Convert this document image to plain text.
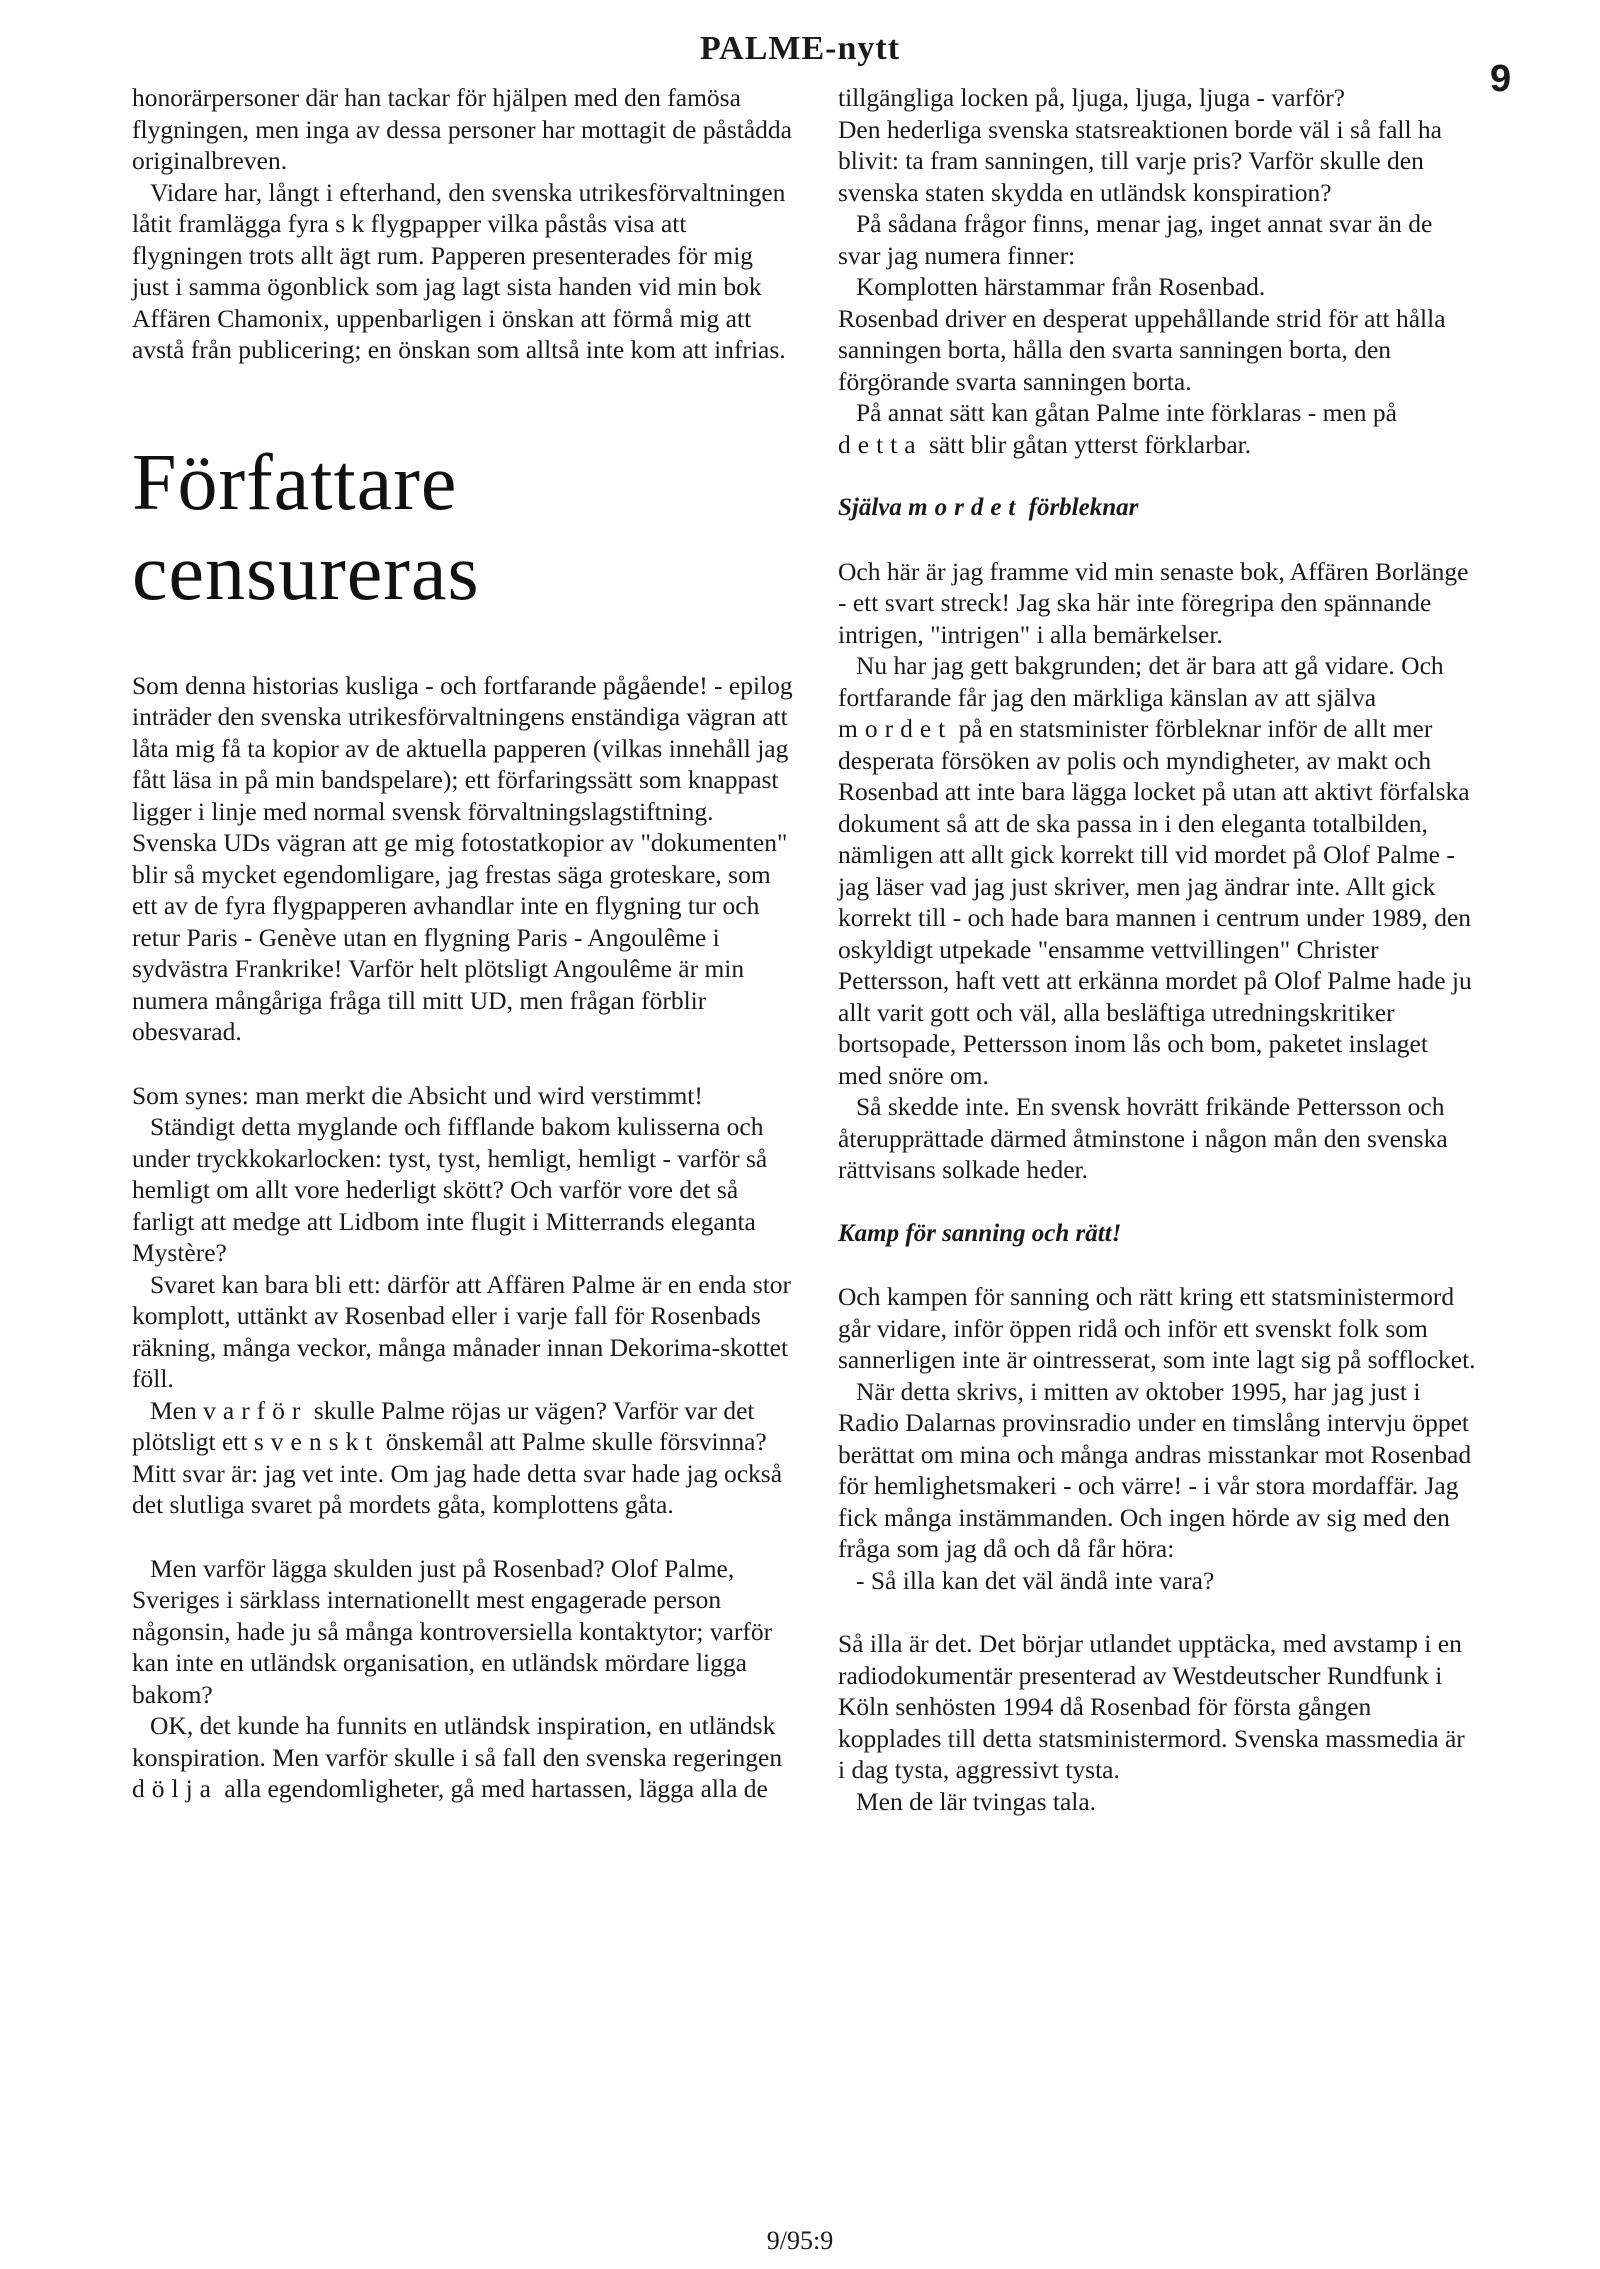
PALME-nytt
9

honorärpersoner där han tackar för hjälpen med den famösa flygningen, men inga av dessa personer har mottagit de påstådda originalbreven.

Vidare har, långt i efterhand, den svenska utrikesförvaltningen låtit framlägga fyra s k flygpapper vilka påstås visa att flygningen trots allt ägt rum. Papperen presenterades för mig just i samma ögonblick som jag lagt sista handen vid min bok Affären Chamonix, uppenbarligen i önskan att förmå mig att avstå från publicering; en önskan som alltså inte kom att infrias.

Författare
censureras

Som denna historias kusliga - och fortfarande pågående! - epilog inträder den svenska utrikesförvaltningens enständiga vägran att låta mig få ta kopior av de aktuella papperen (vilkas innehåll jag fått läsa in på min bandspelare); ett förfaringssätt som knappast ligger i linje med normal svensk förvaltningslagstiftning. Svenska UDs vägran att ge mig fotostatkopior av "dokumenten" blir så mycket egendomligare, jag frestas säga groteskare, som ett av de fyra flygpapperen avhandlar inte en flygning tur och retur Paris - Genève utan en flygning Paris - Angoulême i sydvästra Frankrike! Varför helt plötsligt Angoulême är min numera mångåriga fråga till mitt UD, men frågan förblir obesvarad.

Som synes: man merkt die Absicht und wird verstimmt!

Ständigt detta myglande och fifflande bakom kulisserna och under tryckkokarlocken: tyst, tyst, hemligt, hemligt - varför så hemligt om allt vore hederligt skött? Och varför vore det så farligt att medge att Lidbom inte flugit i Mitterrands eleganta Mystère?

Svaret kan bara bli ett: därför att Affären Palme är en enda stor komplott, uttänkt av Rosenbad eller i varje fall för Rosenbads räkning, många veckor, många månader innan Dekorima-skottet föll.

Men varför skulle Palme röjas ur vägen? Varför var det plötsligt ett svenskt önskemål att Palme skulle försvinna? Mitt svar är: jag vet inte. Om jag hade detta svar hade jag också det slutliga svaret på mordets gåta, komplottens gåta.

Men varför lägga skulden just på Rosenbad? Olof Palme, Sveriges i särklass internationellt mest engagerade person någonsin, hade ju så många kontroversiella kontaktytor; varför kan inte en utländsk organisation, en utländsk mördare ligga bakom?

OK, det kunde ha funnits en utländsk inspiration, en utländsk konspiration. Men varför skulle i så fall den svenska regeringen dölja alla egendomligheter, gå med hartassen, lägga alla de

tillgängliga locken på, ljuga, ljuga, ljuga - varför?

Den hederliga svenska statsreaktionen borde väl i så fall ha blivit: ta fram sanningen, till varje pris? Varför skulle den svenska staten skydda en utländsk konspiration?

På sådana frågor finns, menar jag, inget annat svar än de svar jag numera finner:

Komplotten härstammar från Rosenbad.

Rosenbad driver en desperat uppehållande strid för att hålla sanningen borta, hålla den svarta sanningen borta, den förgörande svarta sanningen borta.

På annat sätt kan gåtan Palme inte förklaras - men på detta sätt blir gåtan ytterst förklarbar.

Själva mordet förbleknar

Och här är jag framme vid min senaste bok, Affären Borlänge - ett svart streck! Jag ska här inte föregripa den spännande intrigen, "intrigen" i alla bemärkelser.

Nu har jag gett bakgrunden; det är bara att gå vidare. Och fortfarande får jag den märkliga känslan av att själva mordet på en statsminister förbleknar inför de allt mer desperata försöken av polis och myndigheter, av makt och Rosenbad att inte bara lägga locket på utan att aktivt förfalska dokument så att de ska passa in i den eleganta totalbilden, nämligen att allt gick korrekt till vid mordet på Olof Palme - jag läser vad jag just skriver, men jag ändrar inte. Allt gick korrekt till - och hade bara mannen i centrum under 1989, den oskyldigt utpekade "ensamme vettvillingen" Christer Pettersson, haft vett att erkänna mordet på Olof Palme hade ju allt varit gott och väl, alla besläftiga utredningskritiker bortsopade, Pettersson inom lås och bom, paketet inslaget med snöre om.

Så skedde inte. En svensk hovrätt frikände Pettersson och återupprättade därmed åtminstone i någon mån den svenska rättvisans solkade heder.

Kamp för sanning och rätt!

Och kampen för sanning och rätt kring ett statsministermord går vidare, inför öppen ridå och inför ett svenskt folk som sannerligen inte är ointresserat, som inte lagt sig på sofflocket.

När detta skrivs, i mitten av oktober 1995, har jag just i Radio Dalarnas provinsradio under en timslång intervju öppet berättat om mina och många andras misstankar mot Rosenbad för hemlighetsmakeri - och värre! - i vår stora mordaffär. Jag fick många instämmanden. Och ingen hörde av sig med den fråga som jag då och då får höra:

- Så illa kan det väl ändå inte vara?

Så illa är det. Det börjar utlandet upptäcka, med avstamp i en radiodokumentär presenterad av Westdeutscher Rundfunk i Köln senhösten 1994 då Rosenbad för första gången kopplades till detta statsministermord. Svenska massmedia är i dag tysta, aggressivt tysta.

Men de lär tvingas tala.

9/95:9
